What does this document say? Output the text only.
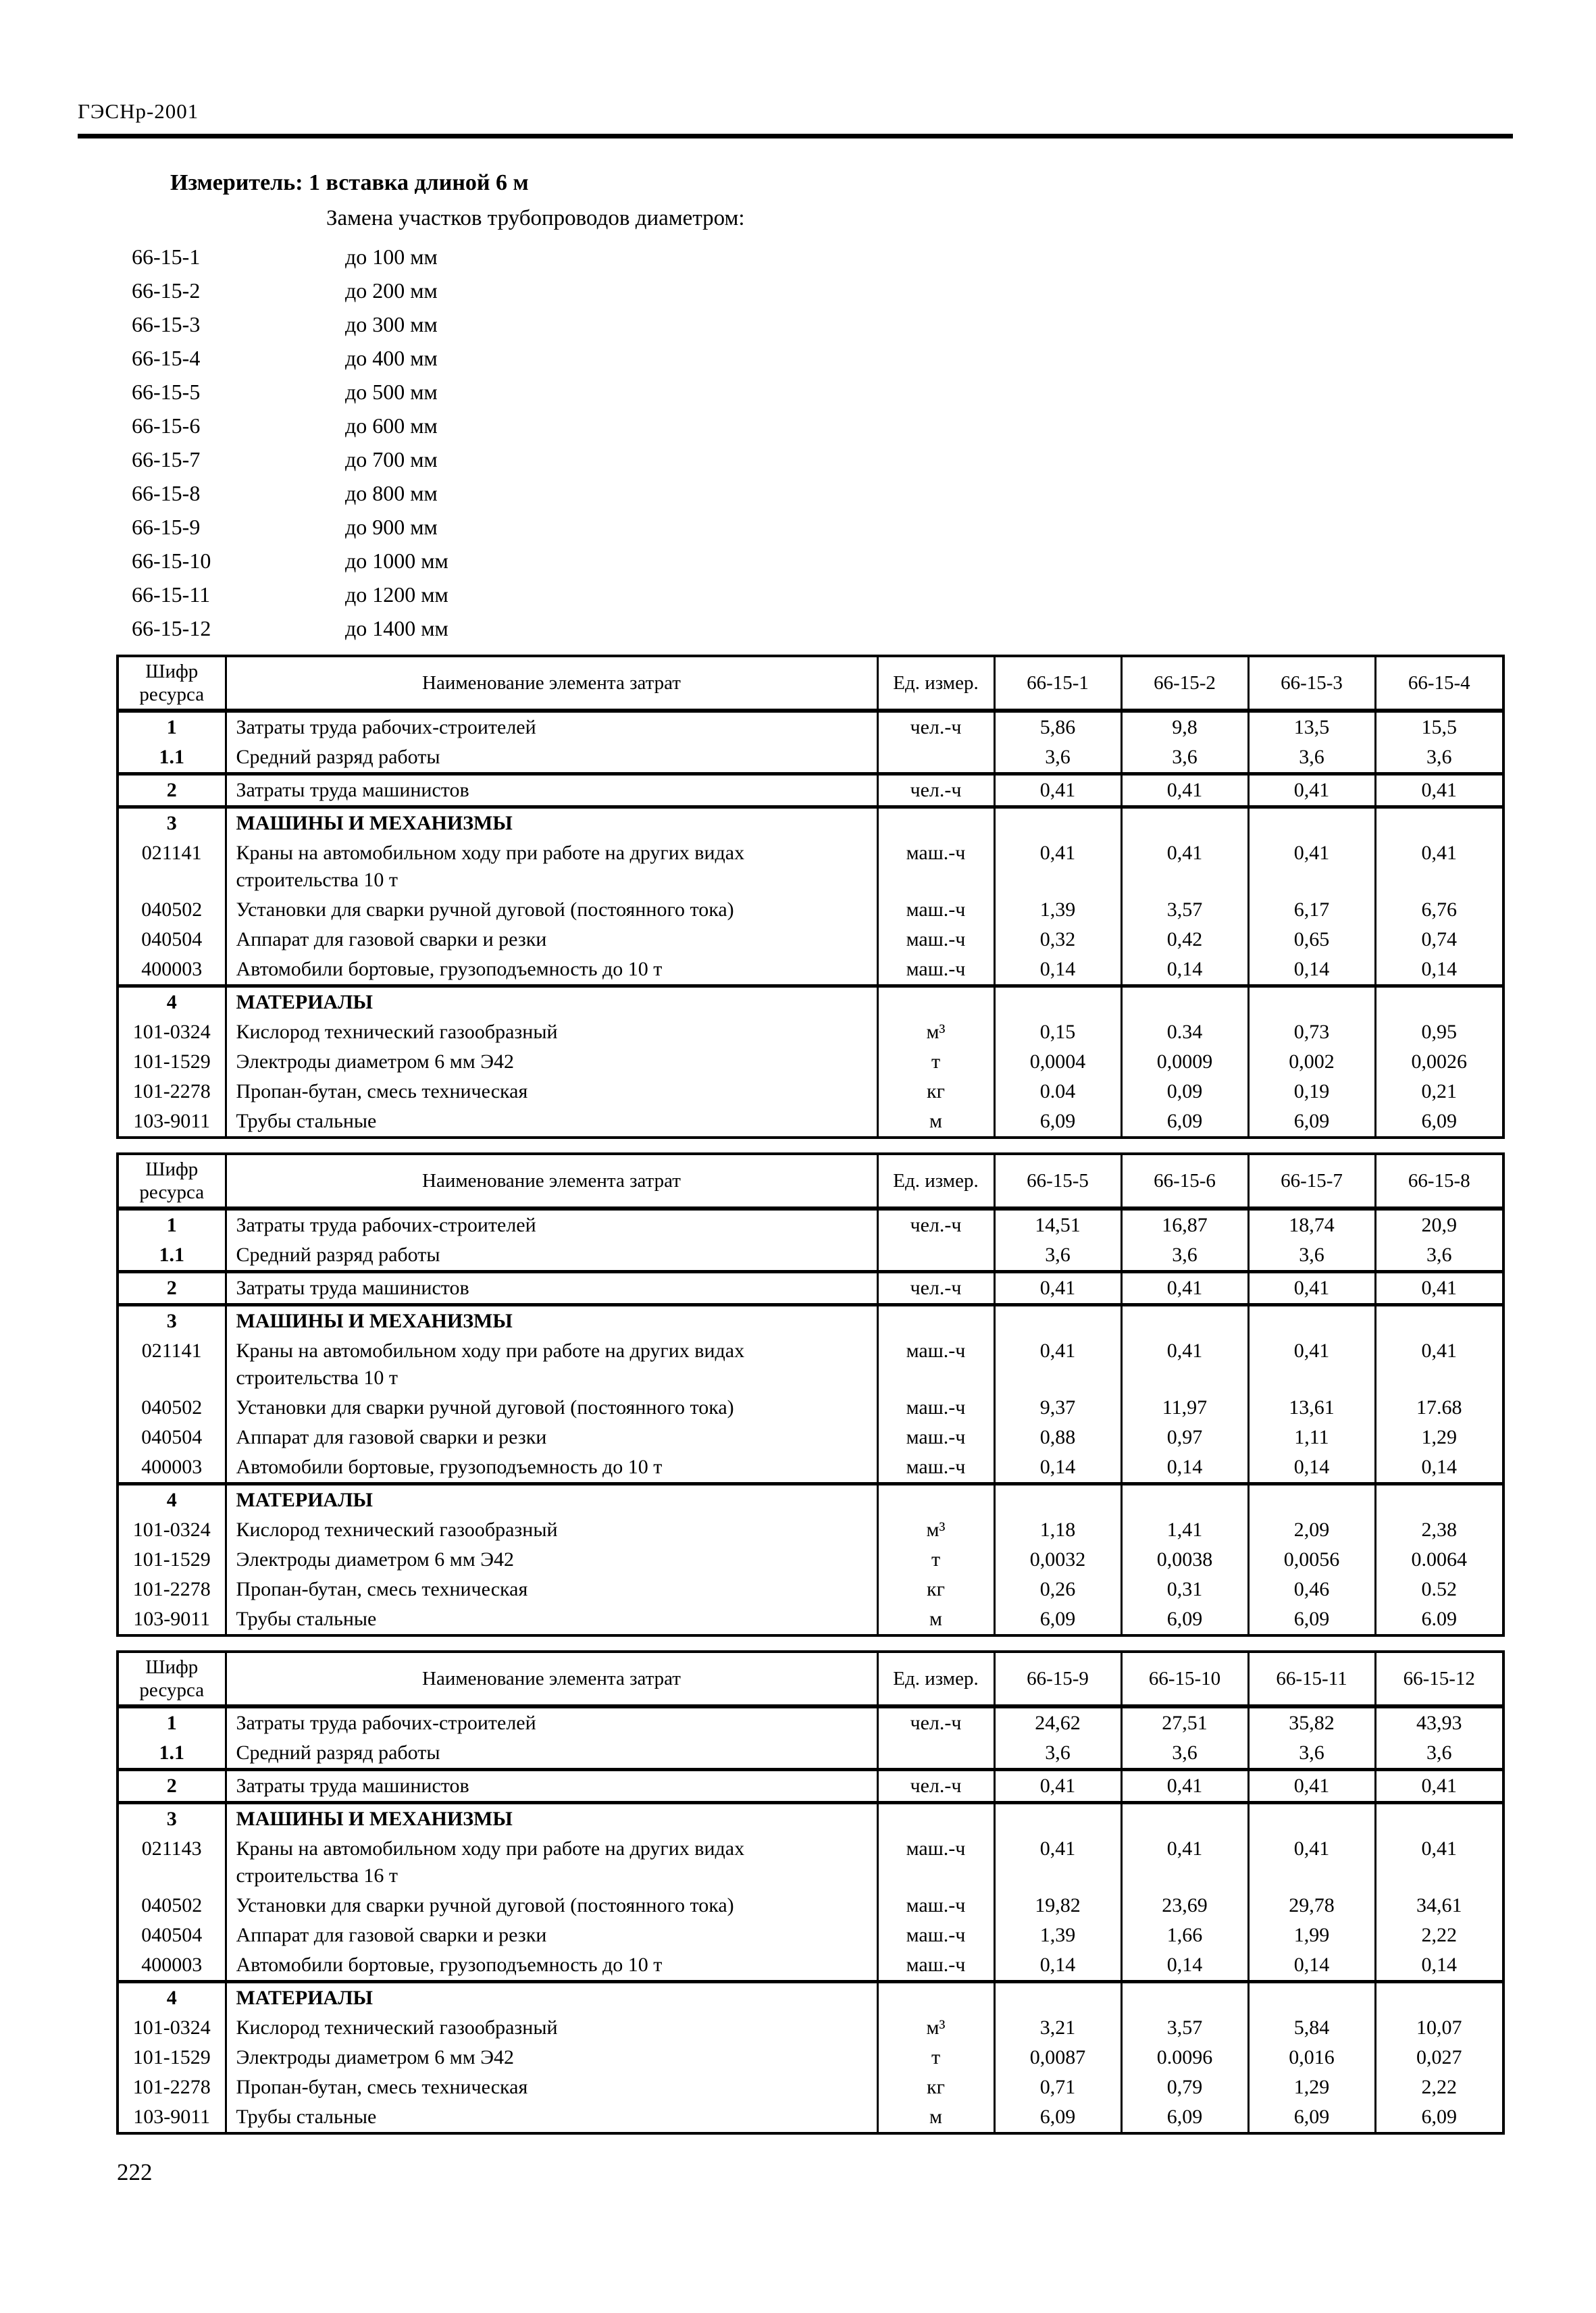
ГЭСНр-2001
Измеритель: 1 вставка длиной 6 м
Замена участков трубопроводов диаметром:
66-15-1	до 100 мм
66-15-2	до 200 мм
66-15-3	до 300 мм
66-15-4	до 400 мм
66-15-5	до 500 мм
66-15-6	до 600 мм
66-15-7	до 700 мм
66-15-8	до 800 мм
66-15-9	до 900 мм
66-15-10	до 1000 мм
66-15-11	до 1200 мм
66-15-12	до 1400 мм
Шифр ресурса	Наименование элемента затрат	Ед. измер.	66-15-1	66-15-2	66-15-3	66-15-4
1	Затраты труда рабочих-строителей	чел.-ч	5,86	9,8	13,5	15,5
1.1	Средний разряд работы		3,6	3,6	3,6	3,6
2	Затраты труда машинистов	чел.-ч	0,41	0,41	0,41	0,41
3	МАШИНЫ И МЕХАНИЗМЫ					
021141	Краны на автомобильном ходу при работе на других видах строительства 10 т	маш.-ч	0,41	0,41	0,41	0,41
040502	Установки для сварки ручной дуговой (постоянного тока)	маш.-ч	1,39	3,57	6,17	6,76
040504	Аппарат для газовой сварки и резки	маш.-ч	0,32	0,42	0,65	0,74
400003	Автомобили бортовые, грузоподъемность до 10 т	маш.-ч	0,14	0,14	0,14	0,14
4	МАТЕРИАЛЫ					
101-0324	Кислород технический газообразный	м³	0,15	0.34	0,73	0,95
101-1529	Электроды диаметром 6 мм Э42	т	0,0004	0,0009	0,002	0,0026
101-2278	Пропан-бутан, смесь техническая	кг	0.04	0,09	0,19	0,21
103-9011	Трубы стальные	м	6,09	6,09	6,09	6,09
Шифр ресурса	Наименование элемента затрат	Ед. измер.	66-15-5	66-15-6	66-15-7	66-15-8
1	Затраты труда рабочих-строителей	чел.-ч	14,51	16,87	18,74	20,9
1.1	Средний разряд работы		3,6	3,6	3,6	3,6
2	Затраты труда машинистов	чел.-ч	0,41	0,41	0,41	0,41
3	МАШИНЫ И МЕХАНИЗМЫ					
021141	Краны на автомобильном ходу при работе на других видах строительства 10 т	маш.-ч	0,41	0,41	0,41	0,41
040502	Установки для сварки ручной дуговой (постоянного тока)	маш.-ч	9,37	11,97	13,61	17.68
040504	Аппарат для газовой сварки и резки	маш.-ч	0,88	0,97	1,11	1,29
400003	Автомобили бортовые, грузоподъемность до 10 т	маш.-ч	0,14	0,14	0,14	0,14
4	МАТЕРИАЛЫ					
101-0324	Кислород технический газообразный	м³	1,18	1,41	2,09	2,38
101-1529	Электроды диаметром 6 мм Э42	т	0,0032	0,0038	0,0056	0.0064
101-2278	Пропан-бутан, смесь техническая	кг	0,26	0,31	0,46	0.52
103-9011	Трубы стальные	м	6,09	6,09	6,09	6.09
Шифр ресурса	Наименование элемента затрат	Ед. измер.	66-15-9	66-15-10	66-15-11	66-15-12
1	Затраты труда рабочих-строителей	чел.-ч	24,62	27,51	35,82	43,93
1.1	Средний разряд работы		3,6	3,6	3,6	3,6
2	Затраты труда машинистов	чел.-ч	0,41	0,41	0,41	0,41
3	МАШИНЫ И МЕХАНИЗМЫ					
021143	Краны на автомобильном ходу при работе на других видах строительства 16 т	маш.-ч	0,41	0,41	0,41	0,41
040502	Установки для сварки ручной дуговой (постоянного тока)	маш.-ч	19,82	23,69	29,78	34,61
040504	Аппарат для газовой сварки и резки	маш.-ч	1,39	1,66	1,99	2,22
400003	Автомобили бортовые, грузоподъемность до 10 т	маш.-ч	0,14	0,14	0,14	0,14
4	МАТЕРИАЛЫ					
101-0324	Кислород технический газообразный	м³	3,21	3,57	5,84	10,07
101-1529	Электроды диаметром 6 мм Э42	т	0,0087	0.0096	0,016	0,027
101-2278	Пропан-бутан, смесь техническая	кг	0,71	0,79	1,29	2,22
103-9011	Трубы стальные	м	6,09	6,09	6,09	6,09
222
